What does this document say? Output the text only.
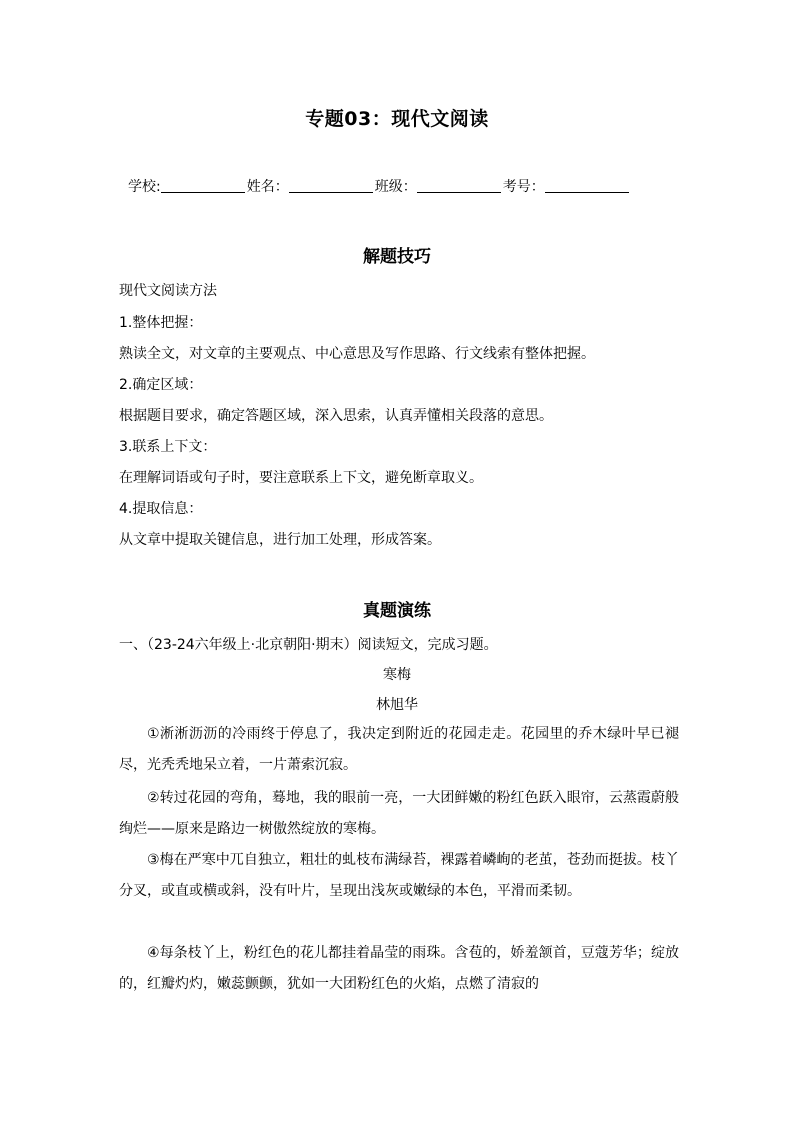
专题03：现代文阅读
学校:	姓名：	班级：	考号：
解题技巧
现代文阅读方法
1.整体把握：
熟读全文，对文章的主要观点、中心意思及写作思路、行文线索有整体把握。
2.确定区域：
根据题目要求，确定答题区域，深入思索，认真弄懂相关段落的意思。
3.联系上下文：
在理解词语或句子时，要注意联系上下文，避免断章取义。
4.提取信息：
从文章中提取关键信息，进行加工处理，形成答案。
真题演练
一、（23-24六年级上·北京朝阳·期末）阅读短文，完成习题。
寒梅
林旭华
①淅淅沥沥的冷雨终于停息了，我决定到附近的花园走走。花园里的乔木绿叶早已褪尽，光秃秃地呆立着，一片萧索沉寂。
②转过花园的弯角，蓦地，我的眼前一亮，一大团鲜嫩的粉红色跃入眼帘，云蒸霞蔚般绚烂——原来是路边一树傲然绽放的寒梅。
③梅在严寒中兀自独立，粗壮的虬枝布满绿苔，裸露着嶙峋的老茧，苍劲而挺拔。枝丫分叉，或直或横或斜，没有叶片，呈现出浅灰或嫩绿的本色，平滑而柔韧。
④每条枝丫上，粉红色的花儿都挂着晶莹的雨珠。含苞的，娇羞颔首，豆蔻芳华；绽放的，红瓣灼灼，嫩蕊颤颤，犹如一大团粉红色的火焰，点燃了清寂的
